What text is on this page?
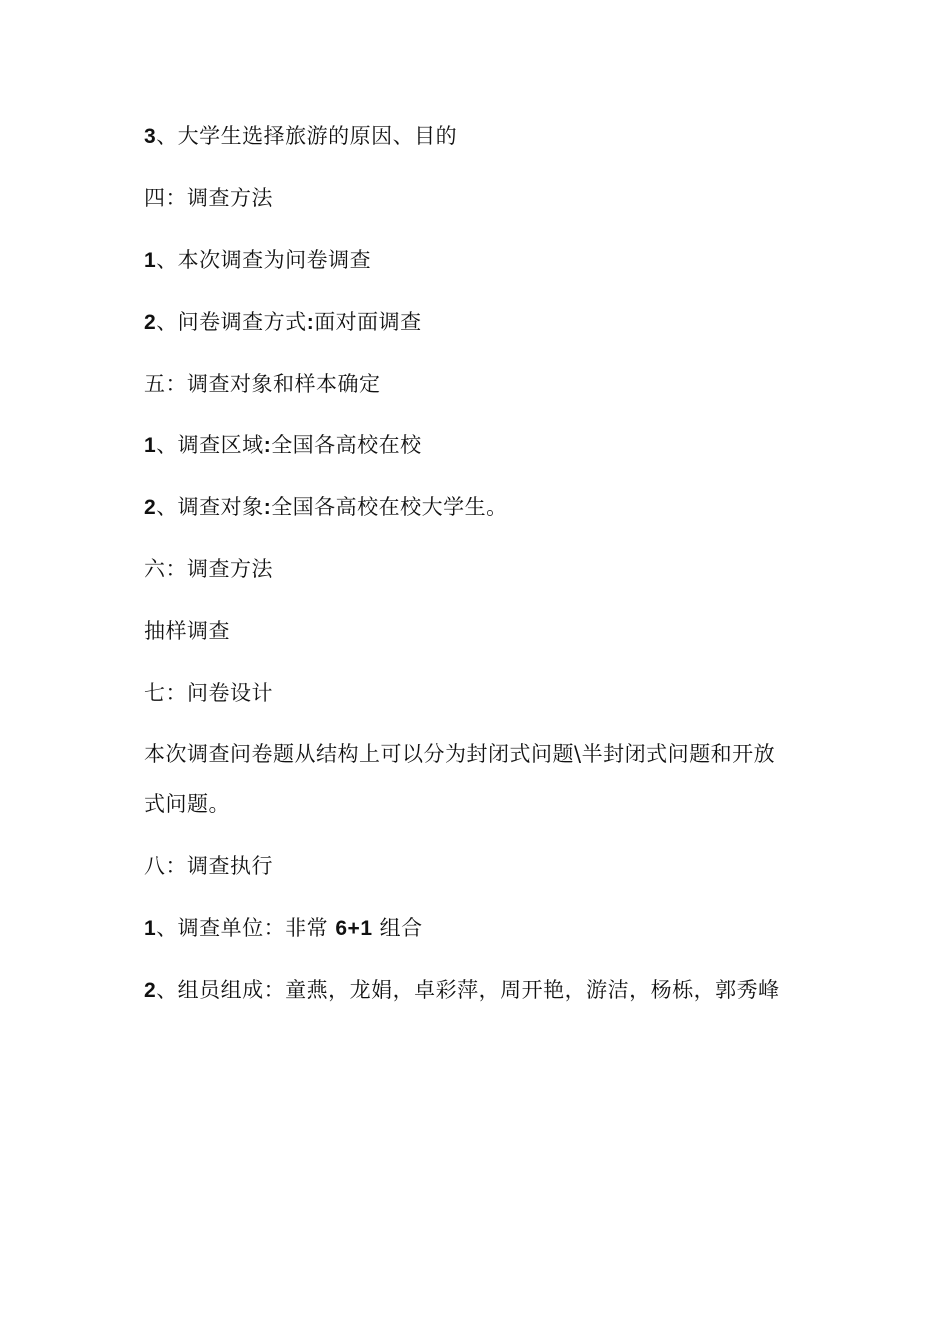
3、大学生选择旅游的原因、目的
四：调查方法
1、本次调查为问卷调查
2、问卷调查方式:面对面调查
五：调查对象和样本确定
1、调查区域:全国各高校在校
2、调查对象:全国各高校在校大学生。
六：调查方法
抽样调查
七：问卷设计
本次调查问卷题从结构上可以分为封闭式问题\半封闭式问题和开放
式问题。
八：调查执行
1、调查单位：非常 6+1 组合
2、组员组成：童燕，龙娟，卓彩萍，周开艳，游洁，杨栎，郭秀峰
